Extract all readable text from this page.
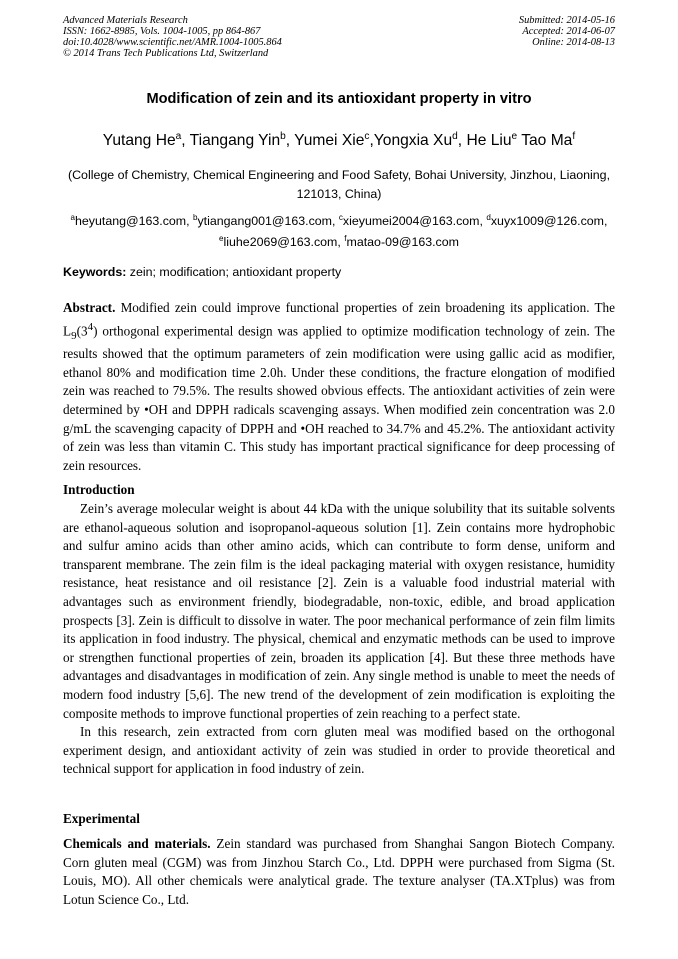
Advanced Materials Research
ISSN: 1662-8985, Vols. 1004-1005, pp 864-867
doi:10.4028/www.scientific.net/AMR.1004-1005.864
© 2014 Trans Tech Publications Ltd, Switzerland
Submitted: 2014-05-16
Accepted: 2014-06-07
Online: 2014-08-13
Modification of zein and its antioxidant property in vitro
Yutang He$^a$, Tiangang Yin$^b$, Yumei Xie$^c$,Yongxia Xu$^d$, He Liu$^e$ Tao Ma$^f$
(College of Chemistry, Chemical Engineering and Food Safety, Bohai University, Jinzhou, Liaoning, 121013, China)
$^a$heyutang@163.com, $^b$ytiangang001@163.com, $^c$xieyumei2004@163.com, $^d$xuyx1009@126.com,
$^e$liuhe2069@163.com, $^f$matao-09@163.com
Keywords: zein; modification; antioxidant property
Abstract. Modified zein could improve functional properties of zein broadening its application. The $L_9(3^4)$ orthogonal experimental design was applied to optimize modification technology of zein. The results showed that the optimum parameters of zein modification were using gallic acid as modifier, ethanol 80% and modification time 2.0h. Under these conditions, the fracture elongation of modified zein was reached to 79.5%. The results showed obvious effects. The antioxidant activities of zein were determined by •OH and DPPH radicals scavenging assays. When modified zein concentration was 2.0 g/mL the scavenging capacity of DPPH and •OH reached to 34.7% and 45.2%. The antioxidant activity of zein was less than vitamin C. This study has important practical significance for deep processing of zein resources.
Introduction

Zein’s average molecular weight is about 44 kDa with the unique solubility that its suitable solvents are ethanol-aqueous solution and isopropanol-aqueous solution [1]. Zein contains more hydrophobic and sulfur amino acids than other amino acids, which can contribute to form dense, uniform and transparent membrane. The zein film is the ideal packaging material with oxygen resistance, humidity resistance, heat resistance and oil resistance [2]. Zein is a valuable food industrial material with advantages such as environment friendly, biodegradable, non-toxic, edible, and broad application prospects [3]. Zein is difficult to dissolve in water. The poor mechanical performance of zein film limits its application in food industry. The physical, chemical and enzymatic methods can be used to improve or strengthen functional properties of zein, broaden its application [4]. But these three methods have advantages and disadvantages in modification of zein. Any single method is unable to meet the needs of modern food industry [5,6]. The new trend of the development of zein modification is exploiting the composite methods to improve functional properties of zein reaching to a perfect state.

In this research, zein extracted from corn gluten meal was modified based on the orthogonal experiment design, and antioxidant activity of zein was studied in order to provide theoretical and technical support for application in food industry of zein.

Experimental
Chemicals and materials. Zein standard was purchased from Shanghai Sangon Biotech Company. Corn gluten meal (CGM) was from Jinzhou Starch Co., Ltd. DPPH were purchased from Sigma (St. Louis, MO). All other chemicals were analytical grade. The texture analyser (TA.XTplus) was from Lotun Science Co., Ltd.
